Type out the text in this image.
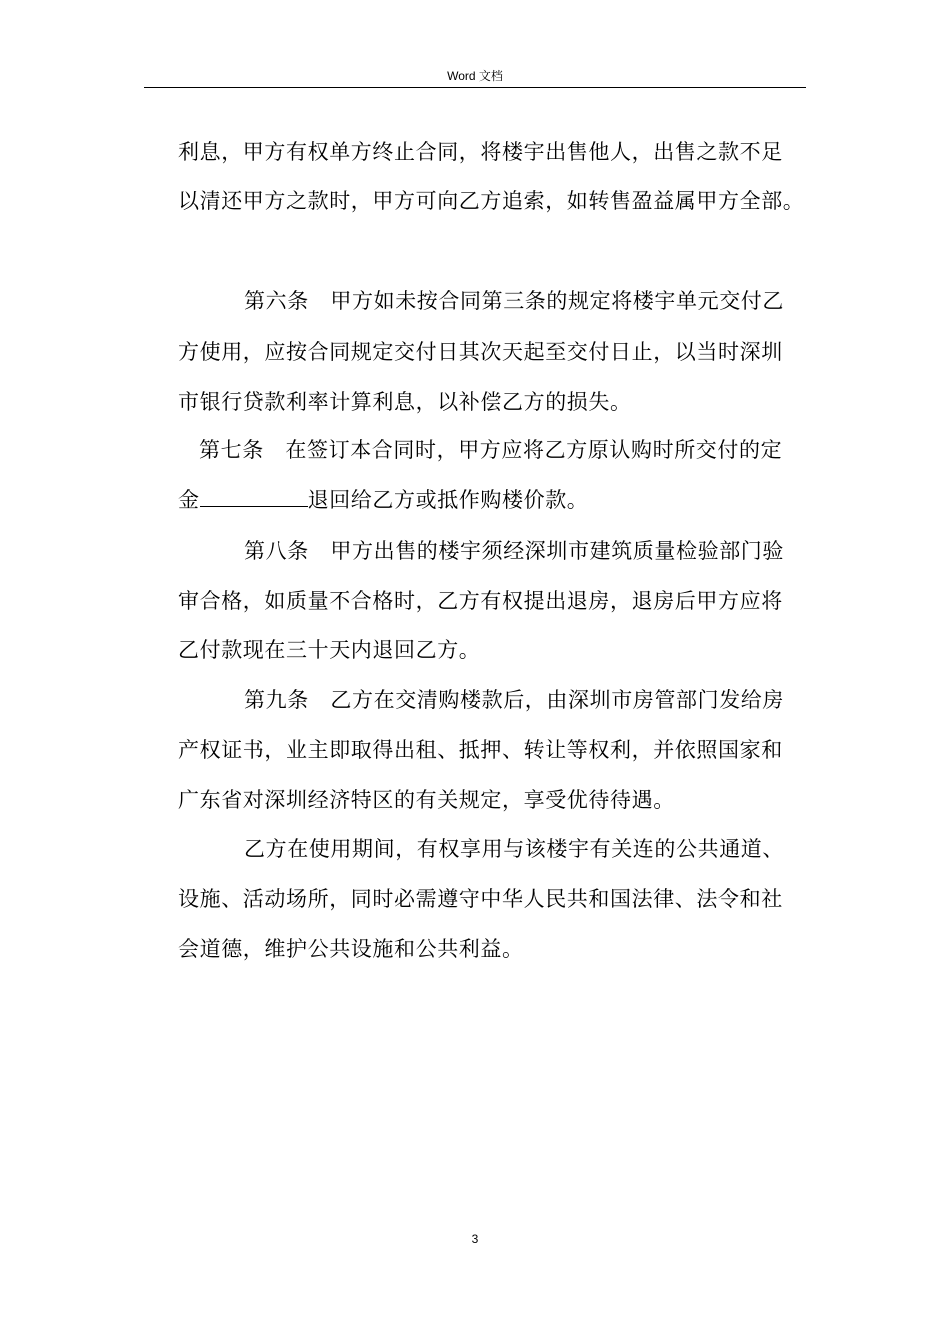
Word 文档
利息，甲方有权单方终止合同，将楼宇出售他人，出售之款不足
以清还甲方之款时，甲方可向乙方追索，如转售盈益属甲方全部。
第六条　甲方如未按合同第三条的规定将楼宇单元交付乙
方使用，应按合同规定交付日其次天起至交付日止，以当时深圳
市银行贷款利率计算利息，以补偿乙方的损失。
第七条　在签订本合同时，甲方应将乙方原认购时所交付的定
金	退回给乙方或抵作购楼价款。
第八条　甲方出售的楼宇须经深圳市建筑质量检验部门验
审合格，如质量不合格时，乙方有权提出退房，退房后甲方应将
乙付款现在三十天内退回乙方。
第九条　乙方在交清购楼款后，由深圳市房管部门发给房
产权证书，业主即取得出租、抵押、转让等权利，并依照国家和
广东省对深圳经济特区的有关规定，享受优待待遇。
乙方在使用期间，有权享用与该楼宇有关连的公共通道、
设施、活动场所，同时必需遵守中华人民共和国法律、法令和社
会道德，维护公共设施和公共利益。
3
